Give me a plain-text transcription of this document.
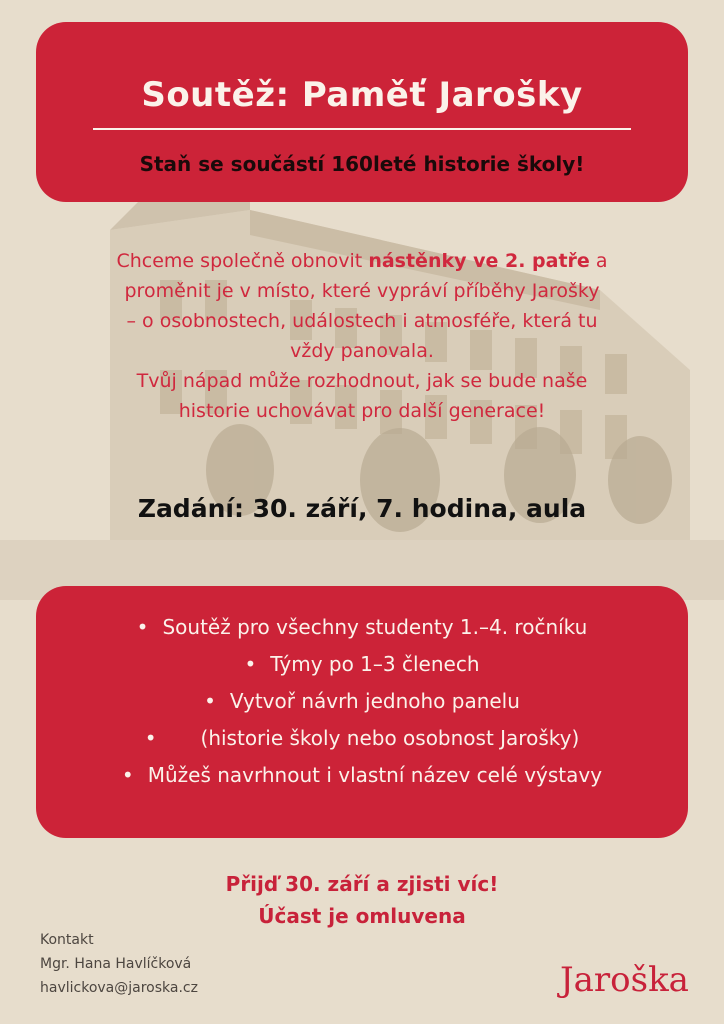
Soutěž: Paměť Jarošky
Staň se součástí 160leté historie školy!
Chceme společně obnovit nástěnky ve 2. patře a
proměnit je v místo, které vypráví příběhy Jarošky
– o osobnostech, událostech i atmosféře, která tu
vždy panovala.
Tvůj nápad může rozhodnout, jak se bude naše
historie uchovávat pro další generace!
Zadání: 30. září, 7. hodina, aula
• Soutěž pro všechny studenty 1.–4. ročníku
• Týmy po 1–3 členech
• Vytvoř návrh jednoho panelu
• (historie školy nebo osobnost Jarošky)
• Můžeš navrhnout i vlastní název celé výstavy
Přijď 30. září a zjisti víc!
Účast je omluvena
Kontakt
Mgr. Hana Havlíčková
havlickova@jaroska.cz	Jaroška
